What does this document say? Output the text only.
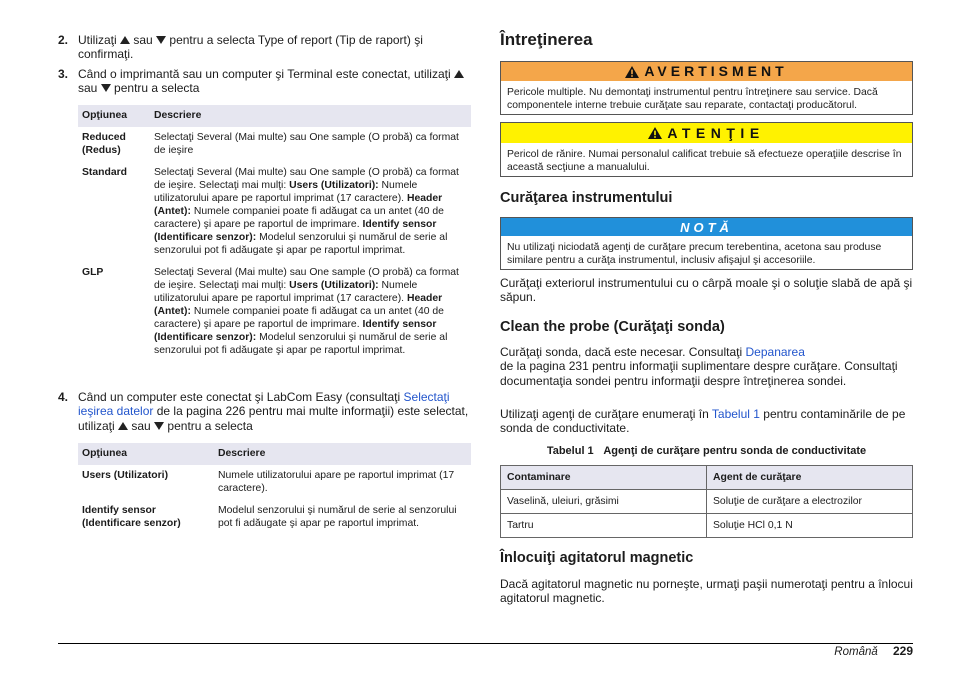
2. Utilizaţi sau pentru a selecta Type of report (Tip de raport) şi confirmaţi.
3. Când o imprimantă sau un computer şi Terminal este conectat, utilizaţi  sau pentru a selecta
Opţiunea	Descriere
Reduced (Redus)	Selectaţi Several (Mai multe) sau One sample (O probă) ca format de ieşire
Standard	Selectaţi Several (Mai multe) sau One sample (O probă) ca format de ieşire. Selectaţi mai mulţi: Users (Utilizatori): Numele utilizatorului apare pe raportul imprimat (17 caractere). Header (Antet): Numele companiei poate fi adăugat ca un antet (40 de caractere) şi apare pe raportul de imprimare. Identify sensor (Identificare senzor): Modelul senzorului şi numărul de serie al senzorului pot fi adăugate şi apar pe raportul imprimat.
GLP	Selectaţi Several (Mai multe) sau One sample (O probă) ca format de ieşire. Selectaţi mai mulţi: Users (Utilizatori): Numele utilizatorului apare pe raportul imprimat (17 caractere). Header (Antet): Numele companiei poate fi adăugat ca un antet (40 de caractere) şi apare pe raportul de imprimare. Identify sensor (Identificare senzor): Modelul senzorului şi numărul de serie al senzorului pot fi adăugate şi apar pe raportul imprimat.
4. Când un computer este conectat şi LabCom Easy (consultaţi Selectaţi ieşirea datelor de la pagina 226 pentru mai multe informaţii) este selectat, utilizaţi sau pentru a selecta
Opţiunea	Descriere
Users (Utilizatori)	Numele utilizatorului apare pe raportul imprimat (17 caractere).
Identify sensor (Identificare senzor)	Modelul senzorului şi numărul de serie al senzorului pot fi adăugate şi apar pe raportul imprimat.
Întreţinerea
AVERTISMENT
Pericole multiple. Nu demontaţi instrumentul pentru întreţinere sau service. Dacă componentele interne trebuie curăţate sau reparate, contactaţi producătorul.
ATENŢIE
Pericol de rănire. Numai personalul calificat trebuie să efectueze operaţiile descrise în această secţiune a manualului.
Curăţarea instrumentului
NOTĂ
Nu utilizaţi niciodată agenţi de curăţare precum terebentina, acetona sau produse similare pentru a curăţa instrumentul, inclusiv afişajul şi accesoriile.
Curăţaţi exteriorul instrumentului cu o cârpă moale şi o soluţie slabă de apă şi săpun.
Clean the probe (Curăţaţi sonda)
Curăţaţi sonda, dacă este necesar. Consultaţi Depanarea
de la pagina 231 pentru informaţii suplimentare despre curăţare. Consultaţi documentaţia sondei pentru informaţii despre întreţinerea sondei.
Utilizaţi agenţi de curăţare enumeraţi în Tabelul 1 pentru contaminările de pe sonda de conductivitate.
Tabelul 1 Agenţi de curăţare pentru sonda de conductivitate
Contaminare	Agent de curăţare
Vaselină, uleiuri, grăsimi	Soluţie de curăţare a electrozilor
Tartru	Soluţie HCl 0,1 N
Înlocuiţi agitatorul magnetic
Dacă agitatorul magnetic nu porneşte, urmaţi paşii numerotaţi pentru a înlocui agitatorul magnetic.
Română 229
